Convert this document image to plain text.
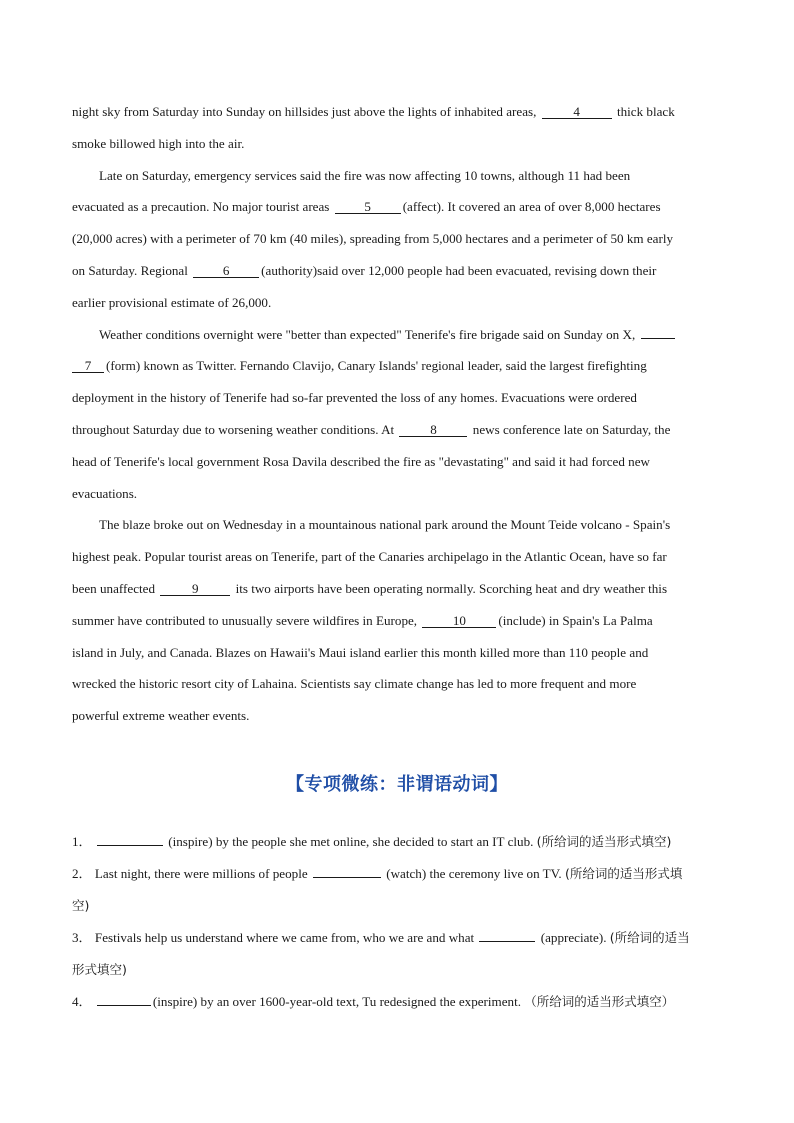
night sky from Saturday into Sunday on hillsides just above the lights of inhabited areas,	4	thick black
smoke billowed high into the air.
Late on Saturday, emergency services said the fire was now affecting 10 towns, although 11 had been
evacuated as a precaution. No major tourist areas	5 (affect). It covered an area of over 8,000 hectares
(20,000 acres) with a perimeter of 70 km (40 miles), spreading from 5,000 hectares and a perimeter of 50 km early
on Saturday. Regional	6 (authority)said over 12,000 people had been evacuated, revising down their
earlier provisional estimate of 26,000.
Weather conditions overnight were "better than expected" Tenerife's fire brigade said on Sunday on X,
7 (form) known as Twitter. Fernando Clavijo, Canary Islands' regional leader, said the largest firefighting
deployment in the history of Tenerife had so-far prevented the loss of any homes. Evacuations were ordered
throughout Saturday due to worsening weather conditions. At	8	news conference late on Saturday, the
head of Tenerife's local government Rosa Davila described the fire as "devastating" and said it had forced new
evacuations.
The blaze broke out on Wednesday in a mountainous national park around the Mount Teide volcano - Spain's
highest peak. Popular tourist areas on Tenerife, part of the Canaries archipelago in the Atlantic Ocean, have so far
been unaffected	9	its two airports have been operating normally. Scorching heat and dry weather this
summer have contributed to unusually severe wildfires in Europe,	10 (include) in Spain's La Palma
island in July, and Canada. Blazes on Hawaii's Maui island earlier this month killed more than 110 people and
wrecked the historic resort city of Lahaina. Scientists say climate change has led to more frequent and more
powerful extreme weather events.
【专项微练：非谓语动词】
1．	(inspire) by the people she met online, she decided to start an IT club. (所给词的适当形式填空)
2． Last night, there were millions of people	(watch) the ceremony live on TV. (所给词的适当形式填
空)
3． Festivals help us understand where we came from, who we are and what	(appreciate). (所给词的适当
形式填空)
4．	(inspire) by an over 1600-year-old text, Tu redesigned the experiment. （所给词的适当形式填空）
